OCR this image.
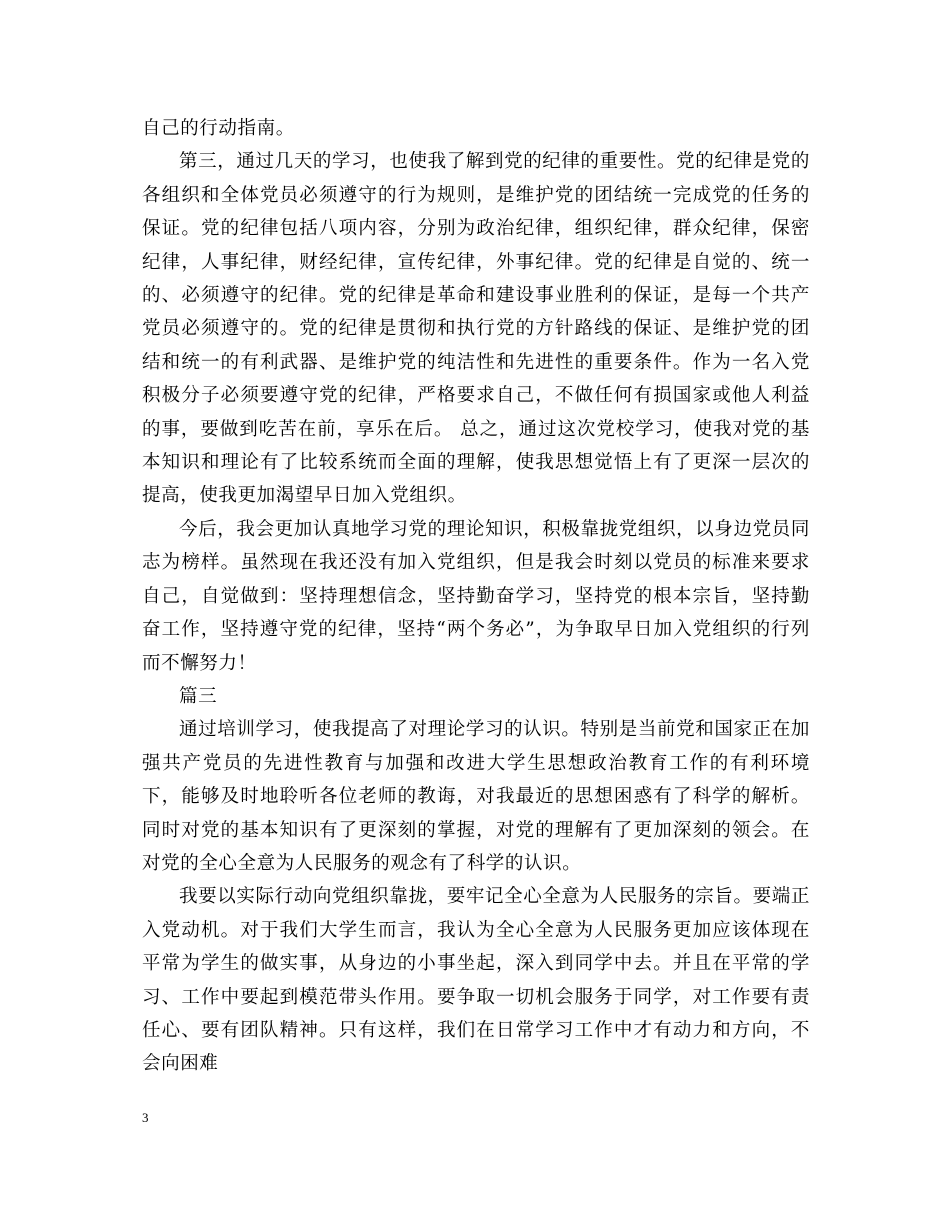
自己的行动指南。

第三，通过几天的学习，也使我了解到党的纪律的重要性。党的纪律是党的各组织和全体党员必须遵守的行为规则，是维护党的团结统一完成党的任务的保证。党的纪律包括八项内容，分别为政治纪律，组织纪律，群众纪律，保密纪律，人事纪律，财经纪律，宣传纪律，外事纪律。党的纪律是自觉的、统一的、必须遵守的纪律。党的纪律是革命和建设事业胜利的保证，是每一个共产党员必须遵守的。党的纪律是贯彻和执行党的方针路线的保证、是维护党的团结和统一的有利武器、是维护党的纯洁性和先进性的重要条件。作为一名入党积极分子必须要遵守党的纪律，严格要求自己，不做任何有损国家或他人利益的事，要做到吃苦在前，享乐在后。 总之，通过这次党校学习，使我对党的基本知识和理论有了比较系统而全面的理解，使我思想觉悟上有了更深一层次的提高，使我更加渴望早日加入党组织。

今后，我会更加认真地学习党的理论知识，积极靠拢党组织，以身边党员同志为榜样。虽然现在我还没有加入党组织，但是我会时刻以党员的标准来要求自己，自觉做到：坚持理想信念，坚持勤奋学习，坚持党的根本宗旨，坚持勤奋工作，坚持遵守党的纪律，坚持“两个务必”，为争取早日加入党组织的行列而不懈努力！

篇三

通过培训学习，使我提高了对理论学习的认识。特别是当前党和国家正在加强共产党员的先进性教育与加强和改进大学生思想政治教育工作的有利环境下，能够及时地聆听各位老师的教诲，对我最近的思想困惑有了科学的解析。同时对党的基本知识有了更深刻的掌握，对党的理解有了更加深刻的领会。在对党的全心全意为人民服务的观念有了科学的认识。

我要以实际行动向党组织靠拢，要牢记全心全意为人民服务的宗旨。要端正入党动机。对于我们大学生而言，我认为全心全意为人民服务更加应该体现在平常为学生的做实事，从身边的小事坐起，深入到同学中去。并且在平常的学习、工作中要起到模范带头作用。要争取一切机会服务于同学，对工作要有责任心、要有团队精神。只有这样，我们在日常学习工作中才有动力和方向，不会向困难

3
